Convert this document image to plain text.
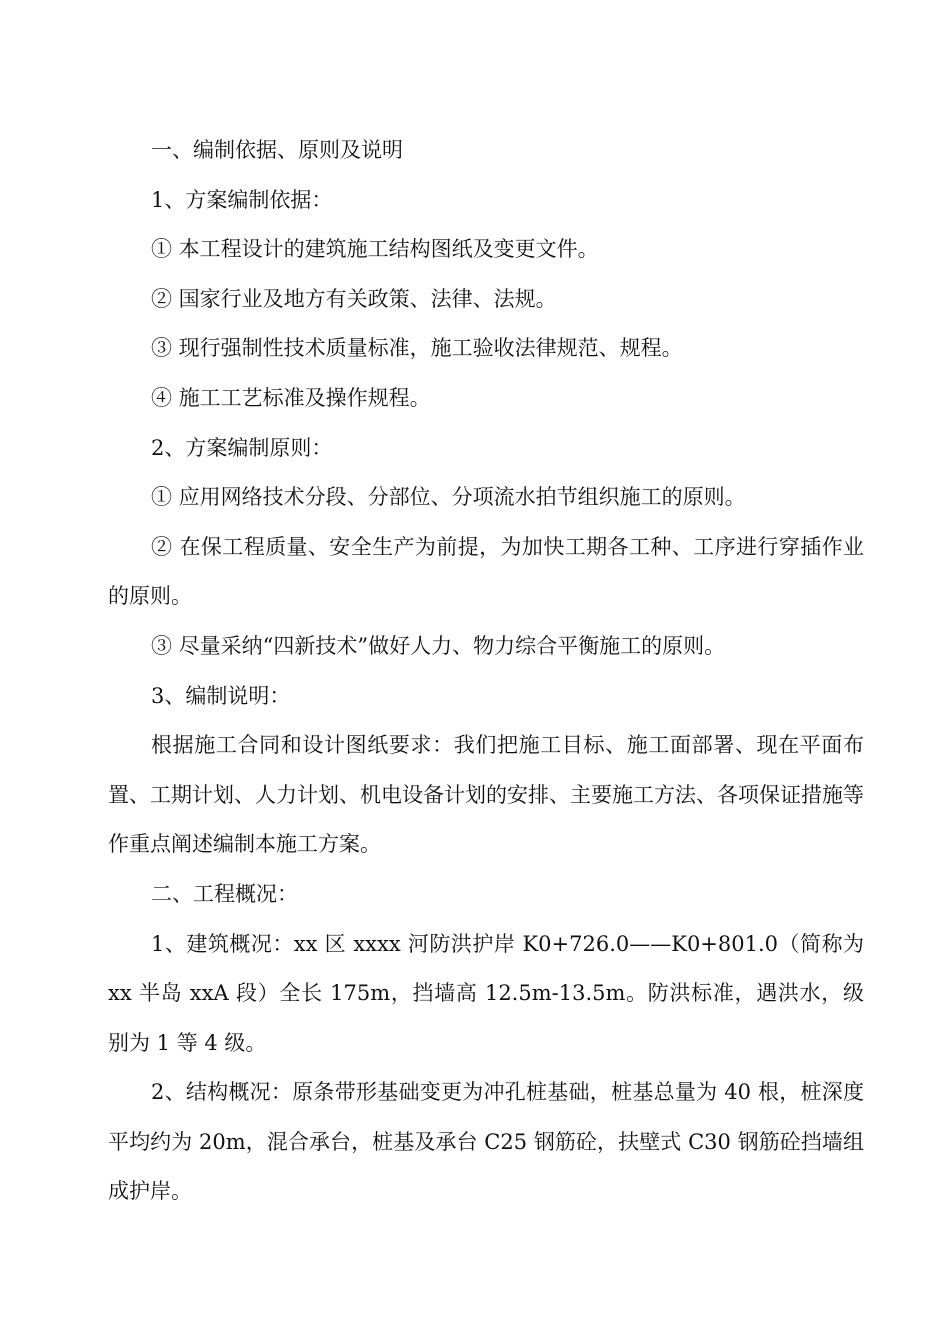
一、编制依据、原则及说明

1、方案编制依据：

① 本工程设计的建筑施工结构图纸及变更文件。

② 国家行业及地方有关政策、法律、法规。

③ 现行强制性技术质量标准，施工验收法律规范、规程。

④ 施工工艺标准及操作规程。

2、方案编制原则：

① 应用网络技术分段、分部位、分项流水拍节组织施工的原则。

② 在保工程质量、安全生产为前提，为加快工期各工种、工序进行穿插作业的原则。

③ 尽量采纳“四新技术”做好人力、物力综合平衡施工的原则。

3、编制说明：

根据施工合同和设计图纸要求：我们把施工目标、施工面部署、现在平面布置、工期计划、人力计划、机电设备计划的安排、主要施工方法、各项保证措施等作重点阐述编制本施工方案。

二、工程概况：

1、建筑概况：xx 区 xxxx 河防洪护岸 K0+726.0——K0+801.0（简称为 xx 半岛 xxA 段）全长 175m，挡墙高 12.5m-13.5m。防洪标准，遇洪水，级别为 1 等 4 级。

2、结构概况：原条带形基础变更为冲孔桩基础，桩基总量为 40 根，桩深度平均约为 20m，混合承台，桩基及承台 C25 钢筋砼，扶壁式 C30 钢筋砼挡墙组成护岸。
